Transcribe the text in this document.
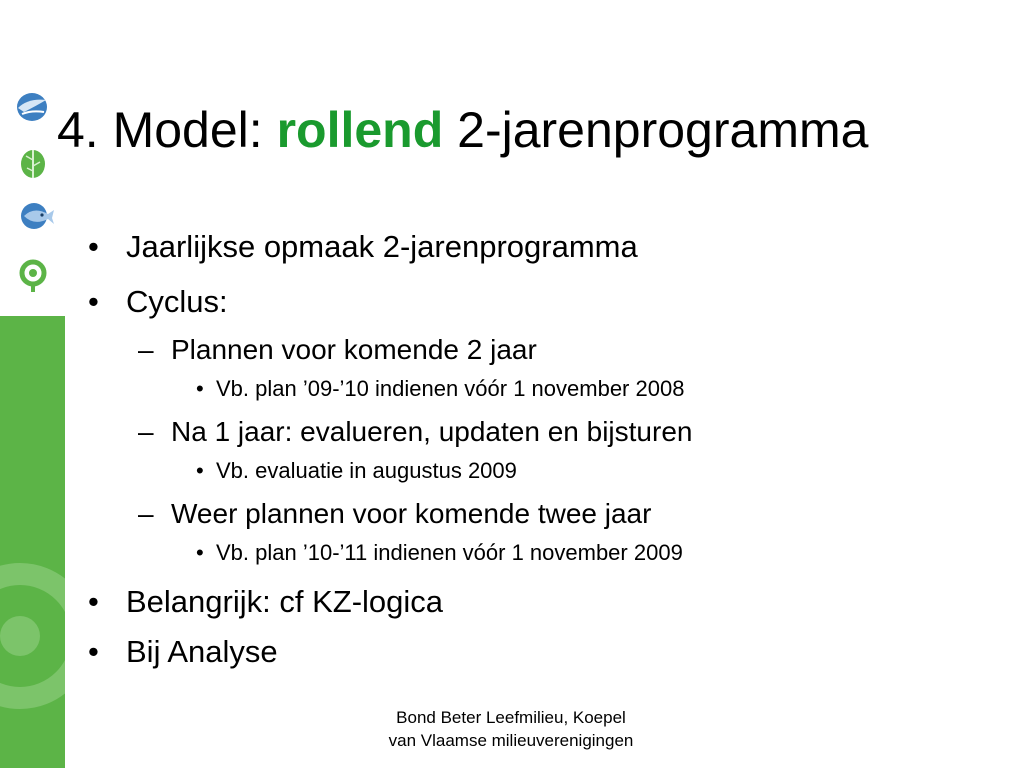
4. Model: rollend 2-jarenprogramma
• Jaarlijkse opmaak 2-jarenprogramma
• Cyclus:
– Plannen voor komende 2 jaar
• Vb. plan ’09-’10 indienen vóór 1 november 2008
– Na 1 jaar: evalueren, updaten en bijsturen
• Vb. evaluatie in augustus 2009
– Weer plannen voor komende twee jaar
• Vb. plan ’10-’11 indienen vóór 1 november 2009
• Belangrijk: cf KZ-logica
• Bij Analyse
Bond Beter Leefmilieu, Koepel
van Vlaamse milieuverenigingen
